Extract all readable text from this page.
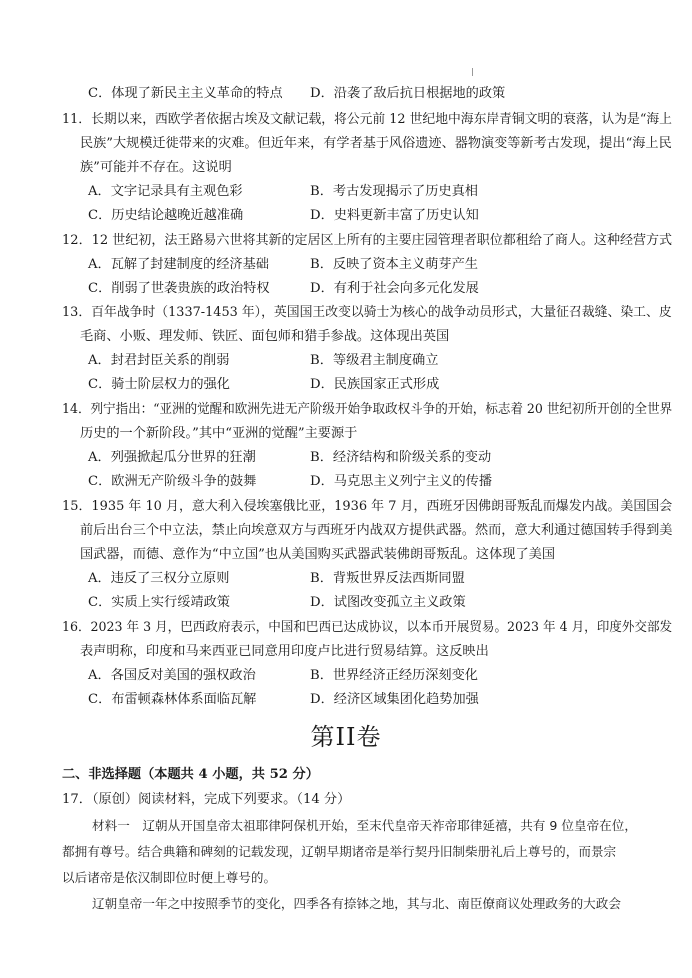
C．体现了新民主主义革命的特点 D．沿袭了敌后抗日根据地的政策
11．长期以来，西欧学者依据古埃及文献记载，将公元前 12 世纪地中海东岸青铜文明的衰落，认为是“海上
民族”大规模迁徙带来的灾难。但近年来，有学者基于风俗遗迹、器物演变等新考古发现，提出“海上民
族”可能并不存在。这说明
A．文字记录具有主观色彩	B．考古发现揭示了历史真相
C．历史结论越晚近越准确	D．史料更新丰富了历史认知
12．12 世纪初，法王路易六世将其新的定居区上所有的主要庄园管理者职位都租给了商人。这种经营方式
A．瓦解了封建制度的经济基础	B．反映了资本主义萌芽产生
C．削弱了世袭贵族的政治特权	D．有利于社会向多元化发展
13．百年战争时（1337-1453 年），英国国王改变以骑士为核心的战争动员形式，大量征召裁缝、染工、皮
毛商、小贩、理发师、铁匠、面包师和猎手参战。这体现出英国
A．封君封臣关系的削弱	B．等级君主制度确立
C．骑士阶层权力的强化	D．民族国家正式形成
14．列宁指出：“亚洲的觉醒和欧洲先进无产阶级开始争取政权斗争的开始，标志着 20 世纪初所开创的全世界
历史的一个新阶段。”其中“亚洲的觉醒”主要源于
A．列强掀起瓜分世界的狂潮	B．经济结构和阶级关系的变动
C．欧洲无产阶级斗争的鼓舞	D．马克思主义列宁主义的传播
15．1935 年 10 月，意大利入侵埃塞俄比亚，1936 年 7 月，西班牙因佛朗哥叛乱而爆发内战。美国国会
前后出台三个中立法，禁止向埃意双方与西班牙内战双方提供武器。然而，意大利通过德国转手得到美
国武器，而德、意作为“中立国”也从美国购买武器武装佛朗哥叛乱。这体现了美国
A．违反了三权分立原则	B．背叛世界反法西斯同盟
C．实质上实行绥靖政策	D．试图改变孤立主义政策
16．2023 年 3 月，巴西政府表示，中国和巴西已达成协议，以本币开展贸易。2023 年 4 月，印度外交部发
表声明称，印度和马来西亚已同意用印度卢比进行贸易结算。这反映出
A．各国反对美国的强权政治	B．世界经济正经历深刻变化
C．布雷顿森林体系面临瓦解	D．经济区域集团化趋势加强
第II卷
二、非选择题（本题共 4 小题，共 52 分）
17．（原创）阅读材料，完成下列要求。（14 分）
材料一　辽朝从开国皇帝太祖耶律阿保机开始，至末代皇帝天祚帝耶律延禧，共有 9 位皇帝在位，
都拥有尊号。结合典籍和碑刻的记载发现，辽朝早期诸帝是举行契丹旧制柴册礼后上尊号的，而景宗
以后诸帝是依汉制即位时便上尊号的。
辽朝皇帝一年之中按照季节的变化，四季各有捺钵之地，其与北、南臣僚商议处理政务的大政会
